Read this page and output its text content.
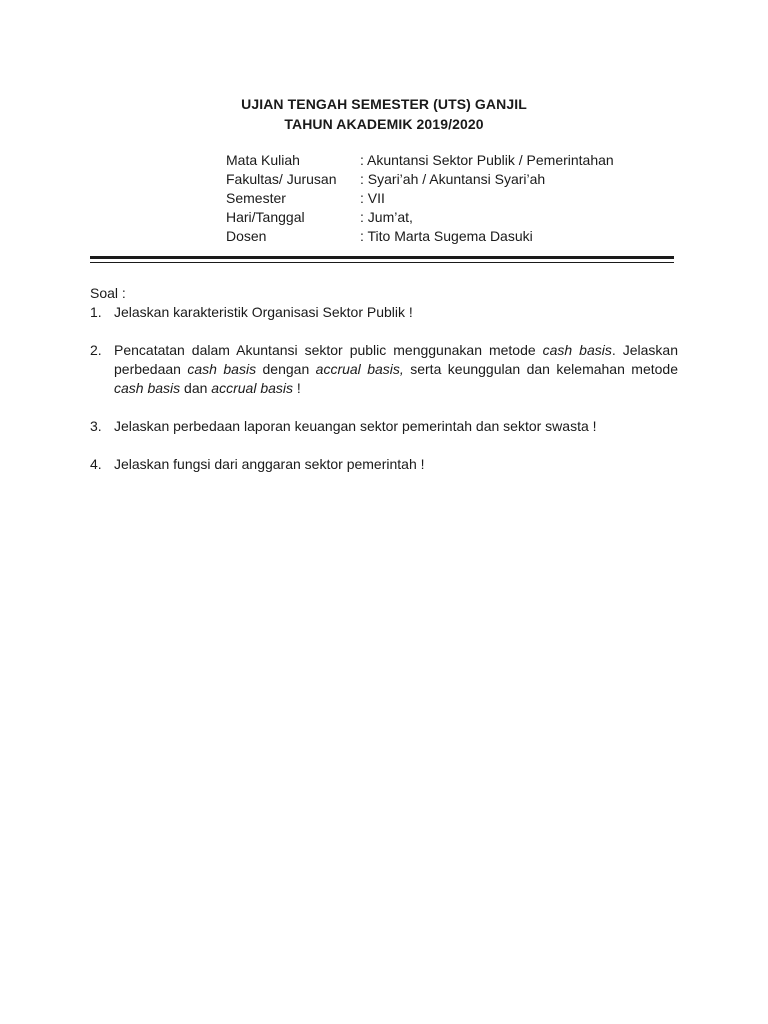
UJIAN TENGAH SEMESTER (UTS) GANJIL
TAHUN AKADEMIK 2019/2020
Mata Kuliah	: Akuntansi Sektor Publik / Pemerintahan
Fakultas/ Jurusan	: Syari’ah / Akuntansi Syari’ah
Semester	: VII
Hari/Tanggal	: Jum’at,
Dosen	: Tito Marta Sugema Dasuki
Soal :
1. Jelaskan karakteristik Organisasi Sektor Publik !
2. Pencatatan dalam Akuntansi sektor public menggunakan metode cash basis. Jelaskan perbedaan cash basis dengan accrual basis, serta keunggulan dan kelemahan metode cash basis dan accrual basis !
3. Jelaskan perbedaan laporan keuangan sektor pemerintah dan sektor swasta !
4. Jelaskan fungsi dari anggaran sektor pemerintah !
